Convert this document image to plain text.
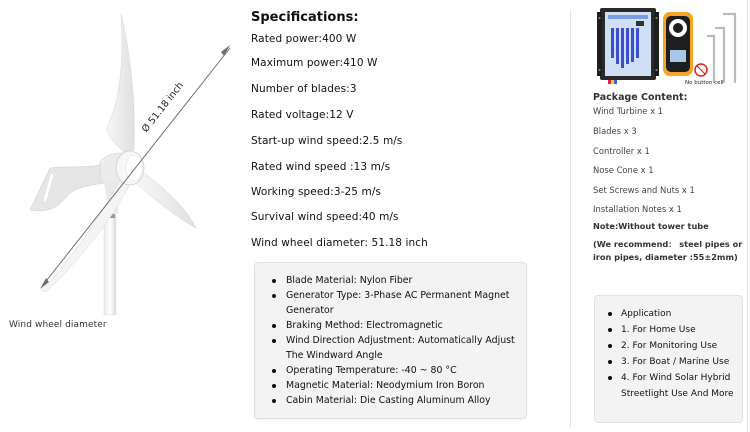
Ø 51.18 inch
Wind wheel diameter
Specifications:
Rated power:400 W
Maximum power:410 W
Number of blades:3
Rated voltage:12 V
Start-up wind speed:2.5 m/s
Rated wind speed :13 m/s
Working speed:3-25 m/s
Survival wind speed:40 m/s
Wind wheel diameter: 51.18 inch
Blade Material: Nylon Fiber
Generator Type: 3-Phase AC Permanent Magnet Generator
Braking Method: Electromagnetic
Wind Direction Adjustment: Automatically Adjust The Windward Angle
Operating Temperature: -40 ~ 80 °C
Magnetic Material: Neodymium Iron Boron
Cabin Material: Die Casting Aluminum Alloy
No button cell
Package Content:
Wind Turbine x 1
Blades x 3
Controller x 1
Nose Cone x 1
Set Screws and Nuts x 1
Installation Notes x 1
Note:Without tower tube
(We recommend： steel pipes or iron pipes, diameter :55±2mm)
Application
1. For Home Use
2. For Monitoring Use
3. For Boat / Marine Use
4. For Wind Solar Hybrid Streetlight Use And More
